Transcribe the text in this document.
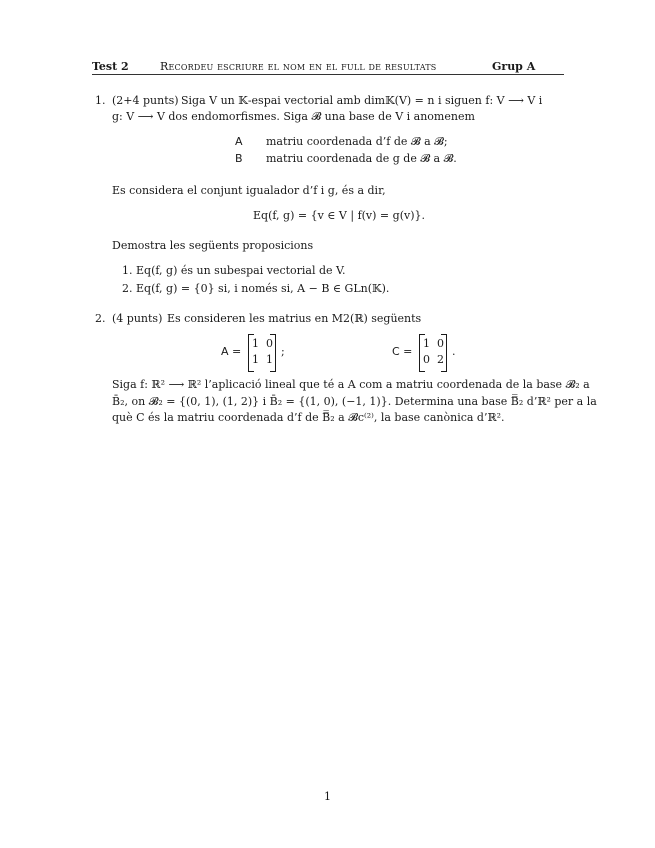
Test 2	Recordeu escriure el nom en el full de resultats	Grup A
1. (2+4 punts) Siga V un 𝕂-espai vectorial amb dim𝕂(V) = n i siguen f: V ⟶ V i
g: V ⟶ V dos endomorfismes. Siga 𝓑 una base de V i anomenem
A matriu coordenada d’f de 𝓑 a 𝓑;
B matriu coordenada de g de 𝓑 a 𝓑.
Es considera el conjunt igualador d’f i g, és a dir,
Eq(f, g) = {v ∈ V | f(v) = g(v)}.
Demostra les següents proposicions
1. Eq(f, g) és un subespai vectorial de V.
2. Eq(f, g) = {0} si, i només si, A − B ∈ GLn(𝕂).
2. (4 punts) Es consideren les matrius en M2(ℝ) següents
A =
1 0
1 1
;	C =
1 0
0 2
.
Siga f: ℝ² ⟶ ℝ² l’aplicació lineal que té a A com a matriu coordenada de la base 𝓑₂ a
B̄₂, on 𝓑₂ = {(0, 1), (1, 2)} i B̄₂ = {(1, 0), (−1, 1)}. Determina una base B̿₂ d’ℝ² per a la
què C és la matriu coordenada d’f de B̿₂ a 𝓑c⁽²⁾, la base canònica d’ℝ².
1
